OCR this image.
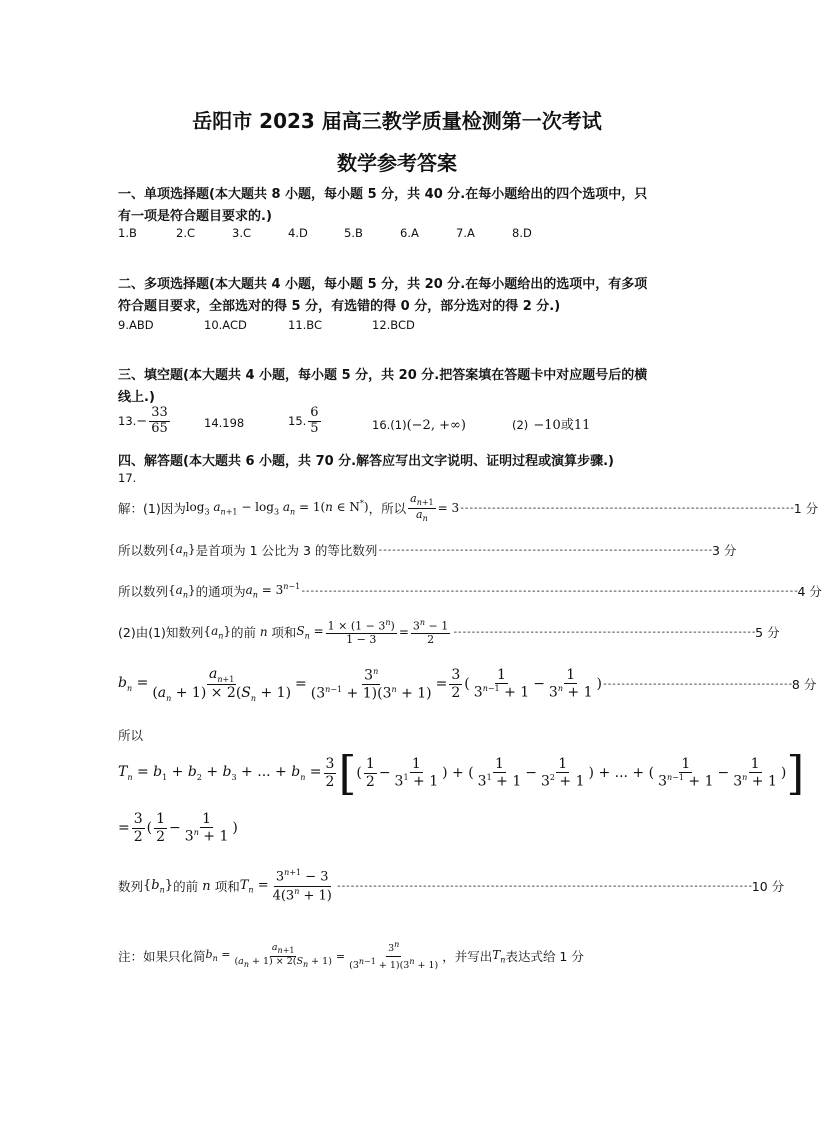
岳阳市 2023 届高三教学质量检测第一次考试
数学参考答案
一、单项选择题(本大题共 8 小题，每小题 5 分，共 40 分.在每小题给出的四个选项中，只
有一项是符合题目要求的.)
1.B	2.C	3.C	4.D	5.B	6.A	7.A	8.D
二、多项选择题(本大题共 4 小题，每小题 5 分，共 20 分.在每小题给出的选项中，有多项
符合题目要求，全部选对的得 5 分，有选错的得 0 分，部分选对的得 2 分.)
9.ABD	10.ACD	11.BC	12.BCD
三、填空题(本大题共 4 小题，每小题 5 分，共 20 分.把答案填在答题卡中对应题号后的横
线上.)
13. − $\frac{33}{65}$	14.198	15. $\frac{6}{5}$	16.(1)(−2, +∞)	(2) −10或11
四、解答题(本大题共 6 小题，共 70 分.解答应写出文字说明、证明过程或演算步骤.)
17.
解：(1)因为 $\log_3 a_{n+1} - \log_3 a_n = 1(n$ ∈ N*) ，所以 $\frac{a_{n+1}}{a_n} = 3$ -------------------------------------------------------------------------- 1 分
所以数列 $\{a_n\}$ 是首项为 1 公比为 3 的等比数列 -------------------------------------------------------------------------- 3 分
所以数列 $\{a_n\}$ 的通项为 $a_n = 3^{n-1}$ -------------------------------------------------------------------------------------------------------------- 4 分
(2)由(1)知数列 $\{a_n\}$ 的前 n 项和 $S_n = \frac{1 \times (1 - 3^n)}{1 - 3} = \frac{3^n - 1}{2}$ ------------------------------------------------------------------- 5 分
$b_n = \frac{a_{n+1}}{(a_n + 1) \times 2(S_n + 1)} = \frac{3^n}{(3^{n-1} + 1)(3^n + 1)} = \frac{3}{2}$ ( $\frac{1}{3^{n-1} + 1} - \frac{1}{3^n + 1}$ ) ------------------------------------------ 8 分
所以
$T_n = b_1 + b_2 + b_3$ + ... + $b_n = \frac{3}{2}$ [ ( $\frac{1}{2} - \frac{1}{3^1 + 1}$ ) + ( $\frac{1}{3^1 + 1} - \frac{1}{3^2 + 1}$ ) + ... + ( $\frac{1}{3^{n-1} + 1} - \frac{1}{3^n + 1}$ ) ]
= $\frac{3}{2}$ ( $\frac{1}{2} - \frac{1}{3^n + 1}$ )
数列 $\{b_n\}$ 的前 n 项和 $T_n = \frac{3^{n+1} - 3}{4(3^n + 1)}$ -------------------------------------------------------------------------------------------- 10 分
注：如果只化简 $b_n = \frac{a_{n+1}}{(a_n + 1) \times 2(S_n + 1)} = \frac{3^n}{(3^{n-1} + 1)(3^n + 1)}$ ，并写出 $T_n$ 表达式给 1 分
